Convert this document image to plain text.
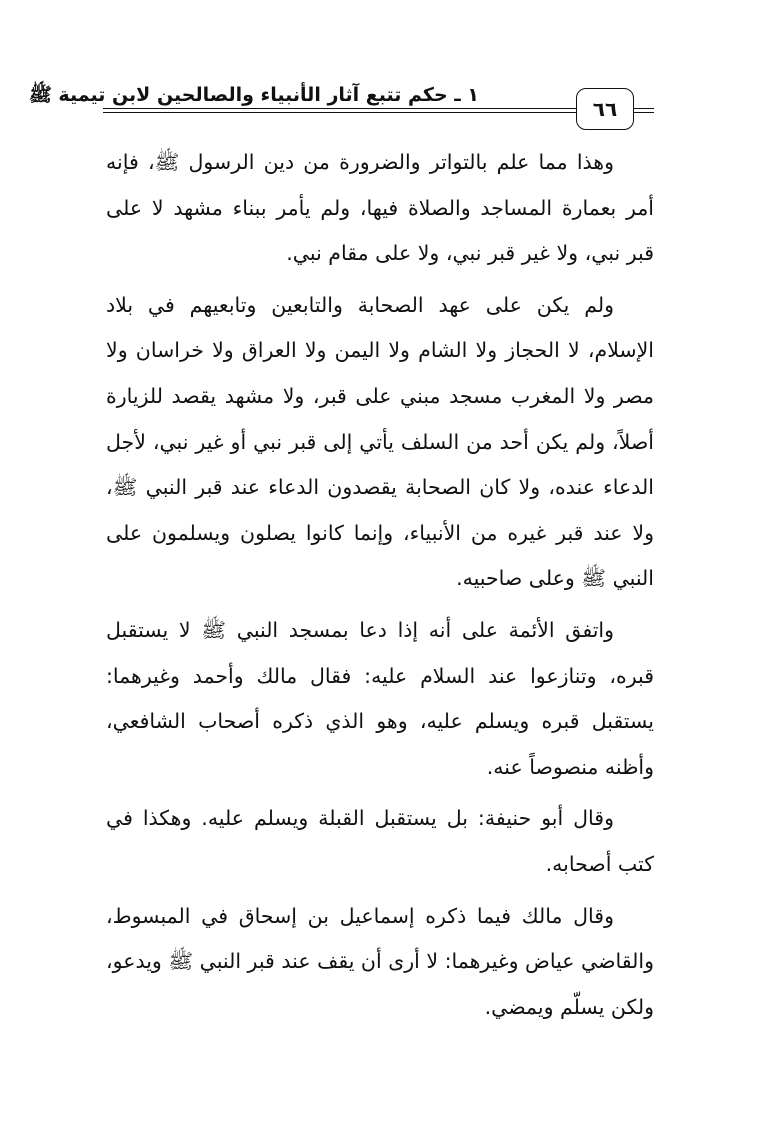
١ ـ حكم تتبع آثار الأنبياء والصالحين لابن تيمية ﷺ
٦٦

وهذا مما علم بالتواتر والضرورة من دين الرسول ﷺ، فإنه أمر بعمارة المساجد والصلاة فيها، ولم يأمر ببناء مشهد لا على قبر نبي، ولا غير قبر نبي، ولا على مقام نبي.

ولم يكن على عهد الصحابة والتابعين وتابعيهم في بلاد الإسلام، لا الحجاز ولا الشام ولا اليمن ولا العراق ولا خراسان ولا مصر ولا المغرب مسجد مبني على قبر، ولا مشهد يقصد للزيارة أصلاً، ولم يكن أحد من السلف يأتي إلى قبر نبي أو غير نبي، لأجل الدعاء عنده، ولا كان الصحابة يقصدون الدعاء عند قبر النبي ﷺ، ولا عند قبر غيره من الأنبياء، وإنما كانوا يصلون ويسلمون على النبي ﷺ وعلى صاحبيه.

واتفق الأئمة على أنه إذا دعا بمسجد النبي ﷺ لا يستقبل قبره، وتنازعوا عند السلام عليه: فقال مالك وأحمد وغيرهما: يستقبل قبره ويسلم عليه، وهو الذي ذكره أصحاب الشافعي، وأظنه منصوصاً عنه.

وقال أبو حنيفة: بل يستقبل القبلة ويسلم عليه. وهكذا في كتب أصحابه.

وقال مالك فيما ذكره إسماعيل بن إسحاق في المبسوط، والقاضي عياض وغيرهما: لا أرى أن يقف عند قبر النبي ﷺ ويدعو، ولكن يسلّم ويمضي.
